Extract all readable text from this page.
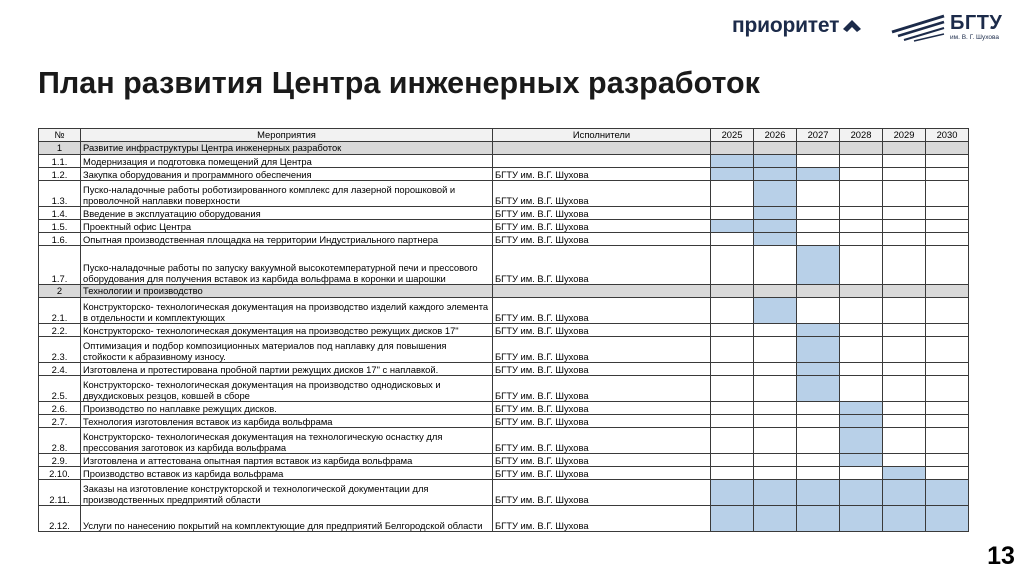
приоритет	БГТУ
им. В. Г. Шухова
План развития Центра инженерных разработок
№	Мероприятия	Исполнители	2025	2026	2027	2028	2029	2030
1	Развитие инфраструктуры Центра инженерных разработок							
1.1.	Модернизация и подготовка помещений для Центра							
1.2.	Закупка оборудования и программного обеспечения	БГТУ им. В.Г. Шухова						
1.3.	Пуско-наладочные работы роботизированного комплекс для лазерной порошковой и проволочной наплавки поверхности	БГТУ им. В.Г. Шухова						
1.4.	Введение в эксплуатацию оборудования	БГТУ им. В.Г. Шухова						
1.5.	Проектный офис Центра	БГТУ им. В.Г. Шухова						
1.6.	Опытная производственная площадка на территории Индустриального партнера	БГТУ им. В.Г. Шухова						
1.7.	Пуско-наладочные работы по запуску вакуумной высокотемпературной печи и прессового оборудования для получения вставок из карбида вольфрама в коронки и шарошки	БГТУ им. В.Г. Шухова						
2	Технологии и производство							
2.1.	Конструкторско- технологическая документация на производство изделий каждого элемента в отдельности и комплектующих	БГТУ им. В.Г. Шухова						
2.2.	Конструкторско- технологическая документация на производство режущих дисков 17"	БГТУ им. В.Г. Шухова						
2.3.	Оптимизация и подбор композиционных материалов под наплавку для повышения стойкости к абразивному износу.	БГТУ им. В.Г. Шухова						
2.4.	Изготовлена и протестирована пробной партии режущих дисков 17" с наплавкой.	БГТУ им. В.Г. Шухова						
2.5.	Конструкторско- технологическая документация на производство однодисковых и двухдисковых резцов, ковшей в сборе	БГТУ им. В.Г. Шухова						
2.6.	Производство по наплавке режущих дисков.	БГТУ им. В.Г. Шухова						
2.7.	Технология изготовления вставок из карбида вольфрама	БГТУ им. В.Г. Шухова						
2.8.	Конструкторско- технологическая документация на технологическую оснастку для прессования заготовок из карбида вольфрама	БГТУ им. В.Г. Шухова						
2.9.	Изготовлена и аттестована опытная партия вставок из карбида вольфрама	БГТУ им. В.Г. Шухова						
2.10.	Производство вставок из карбида вольфрама	БГТУ им. В.Г. Шухова						
2.11.	Заказы на изготовление конструкторской и технологической документации для производственных предприятий области	БГТУ им. В.Г. Шухова						
2.12.	Услуги по нанесению покрытий на комплектующие для предприятий Белгородской области	БГТУ им. В.Г. Шухова						
13
